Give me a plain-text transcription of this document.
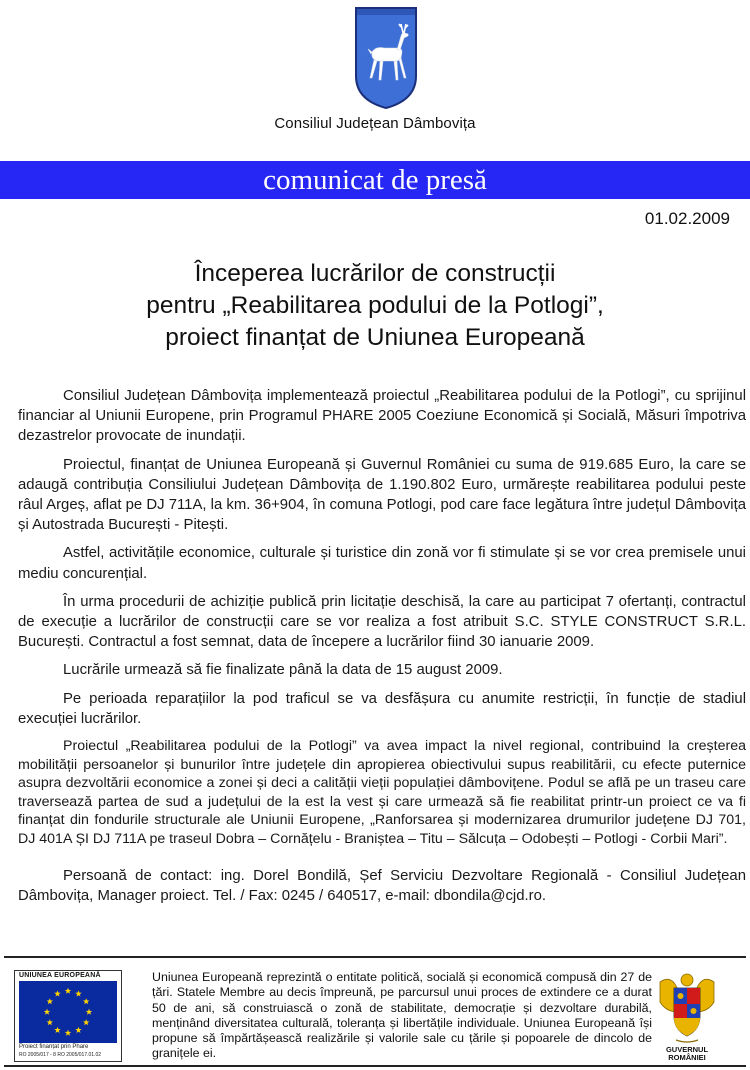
Consiliul Județean Dâmbovița
comunicat de presă
01.02.2009
Începerea lucrărilor de construcții
pentru „Reabilitarea podului de la Potlogi”,
proiect finanțat de Uniunea Europeană

Consiliul Județean Dâmbovița implementează proiectul „Reabilitarea podului de la Potlogi”, cu sprijinul financiar al Uniunii Europene, prin Programul PHARE 2005 Coeziune Economică și Socială, Măsuri împotriva dezastrelor provocate de inundații.

Proiectul, finanțat de Uniunea Europeană și Guvernul României cu suma de 919.685 Euro, la care se adaugă contribuția Consiliului Județean Dâmbovița de 1.190.802 Euro, urmărește reabilitarea podului peste râul Argeș, aflat pe DJ 711A, la km. 36+904, în comuna Potlogi, pod care face legătura între județul Dâmbovița și Autostrada București - Pitești.

Astfel, activitățile economice, culturale și turistice din zonă vor fi stimulate și se vor crea premisele unui mediu concurențial.

În urma procedurii de achiziție publică prin licitație deschisă, la care au participat 7 ofertanți, contractul de execuție a lucrărilor de construcții care se vor realiza a fost atribuit S.C. STYLE CONSTRUCT S.R.L. București. Contractul a fost semnat, data de începere a lucrărilor fiind 30 ianuarie 2009.

Lucrările urmează să fie finalizate până la data de 15 august 2009.

Pe perioada reparațiilor la pod traficul se va desfășura cu anumite restricții, în funcție de stadiul execuției lucrărilor.

Proiectul „Reabilitarea podului de la Potlogi” va avea impact la nivel regional, contribuind la creșterea mobilității persoanelor și bunurilor între județele din apropierea obiectivului supus reabilitării, cu efecte puternice asupra dezvoltării economice a zonei și deci a calității vieții populației dâmbovițene. Podul se află pe un traseu care traversează partea de sud a județului de la est la vest și care urmează să fie reabilitat printr-un proiect ce va fi finanțat din fondurile structurale ale Uniunii Europene, „Ranforsarea și modernizarea drumurilor județene DJ 701, DJ 401A ȘI DJ 711A pe traseul Dobra – Cornățelu - Braniștea – Titu – Sălcuța – Odobești – Potlogi - Corbii Mari”.

Persoană de contact: ing. Dorel Bondilă, Șef Serviciu Dezvoltare Regională - Consiliul Județean Dâmbovița, Manager proiect. Tel. / Fax: 0245 / 640517, e-mail: dbondila@cjd.ro.

UNIUNEA EUROPEANĂ
Proiect finanțat prin Phare
RO 2005/017 - 8 RO 2005/017.01.02
Uniunea Europeană reprezintă o entitate politică, socială și economică compusă din 27 de țări. Statele Membre au decis împreună, pe parcursul unui proces de extindere ce a durat 50 de ani, să construiască o zonă de stabilitate, democrație și dezvoltare durabilă, menținând diversitatea culturală, toleranța și libertățile individuale. Uniunea Europeană își propune să împărtășească realizările și valorile sale cu țările și popoarele de dincolo de granițele ei.	GUVERNUL
ROMÂNIEI
